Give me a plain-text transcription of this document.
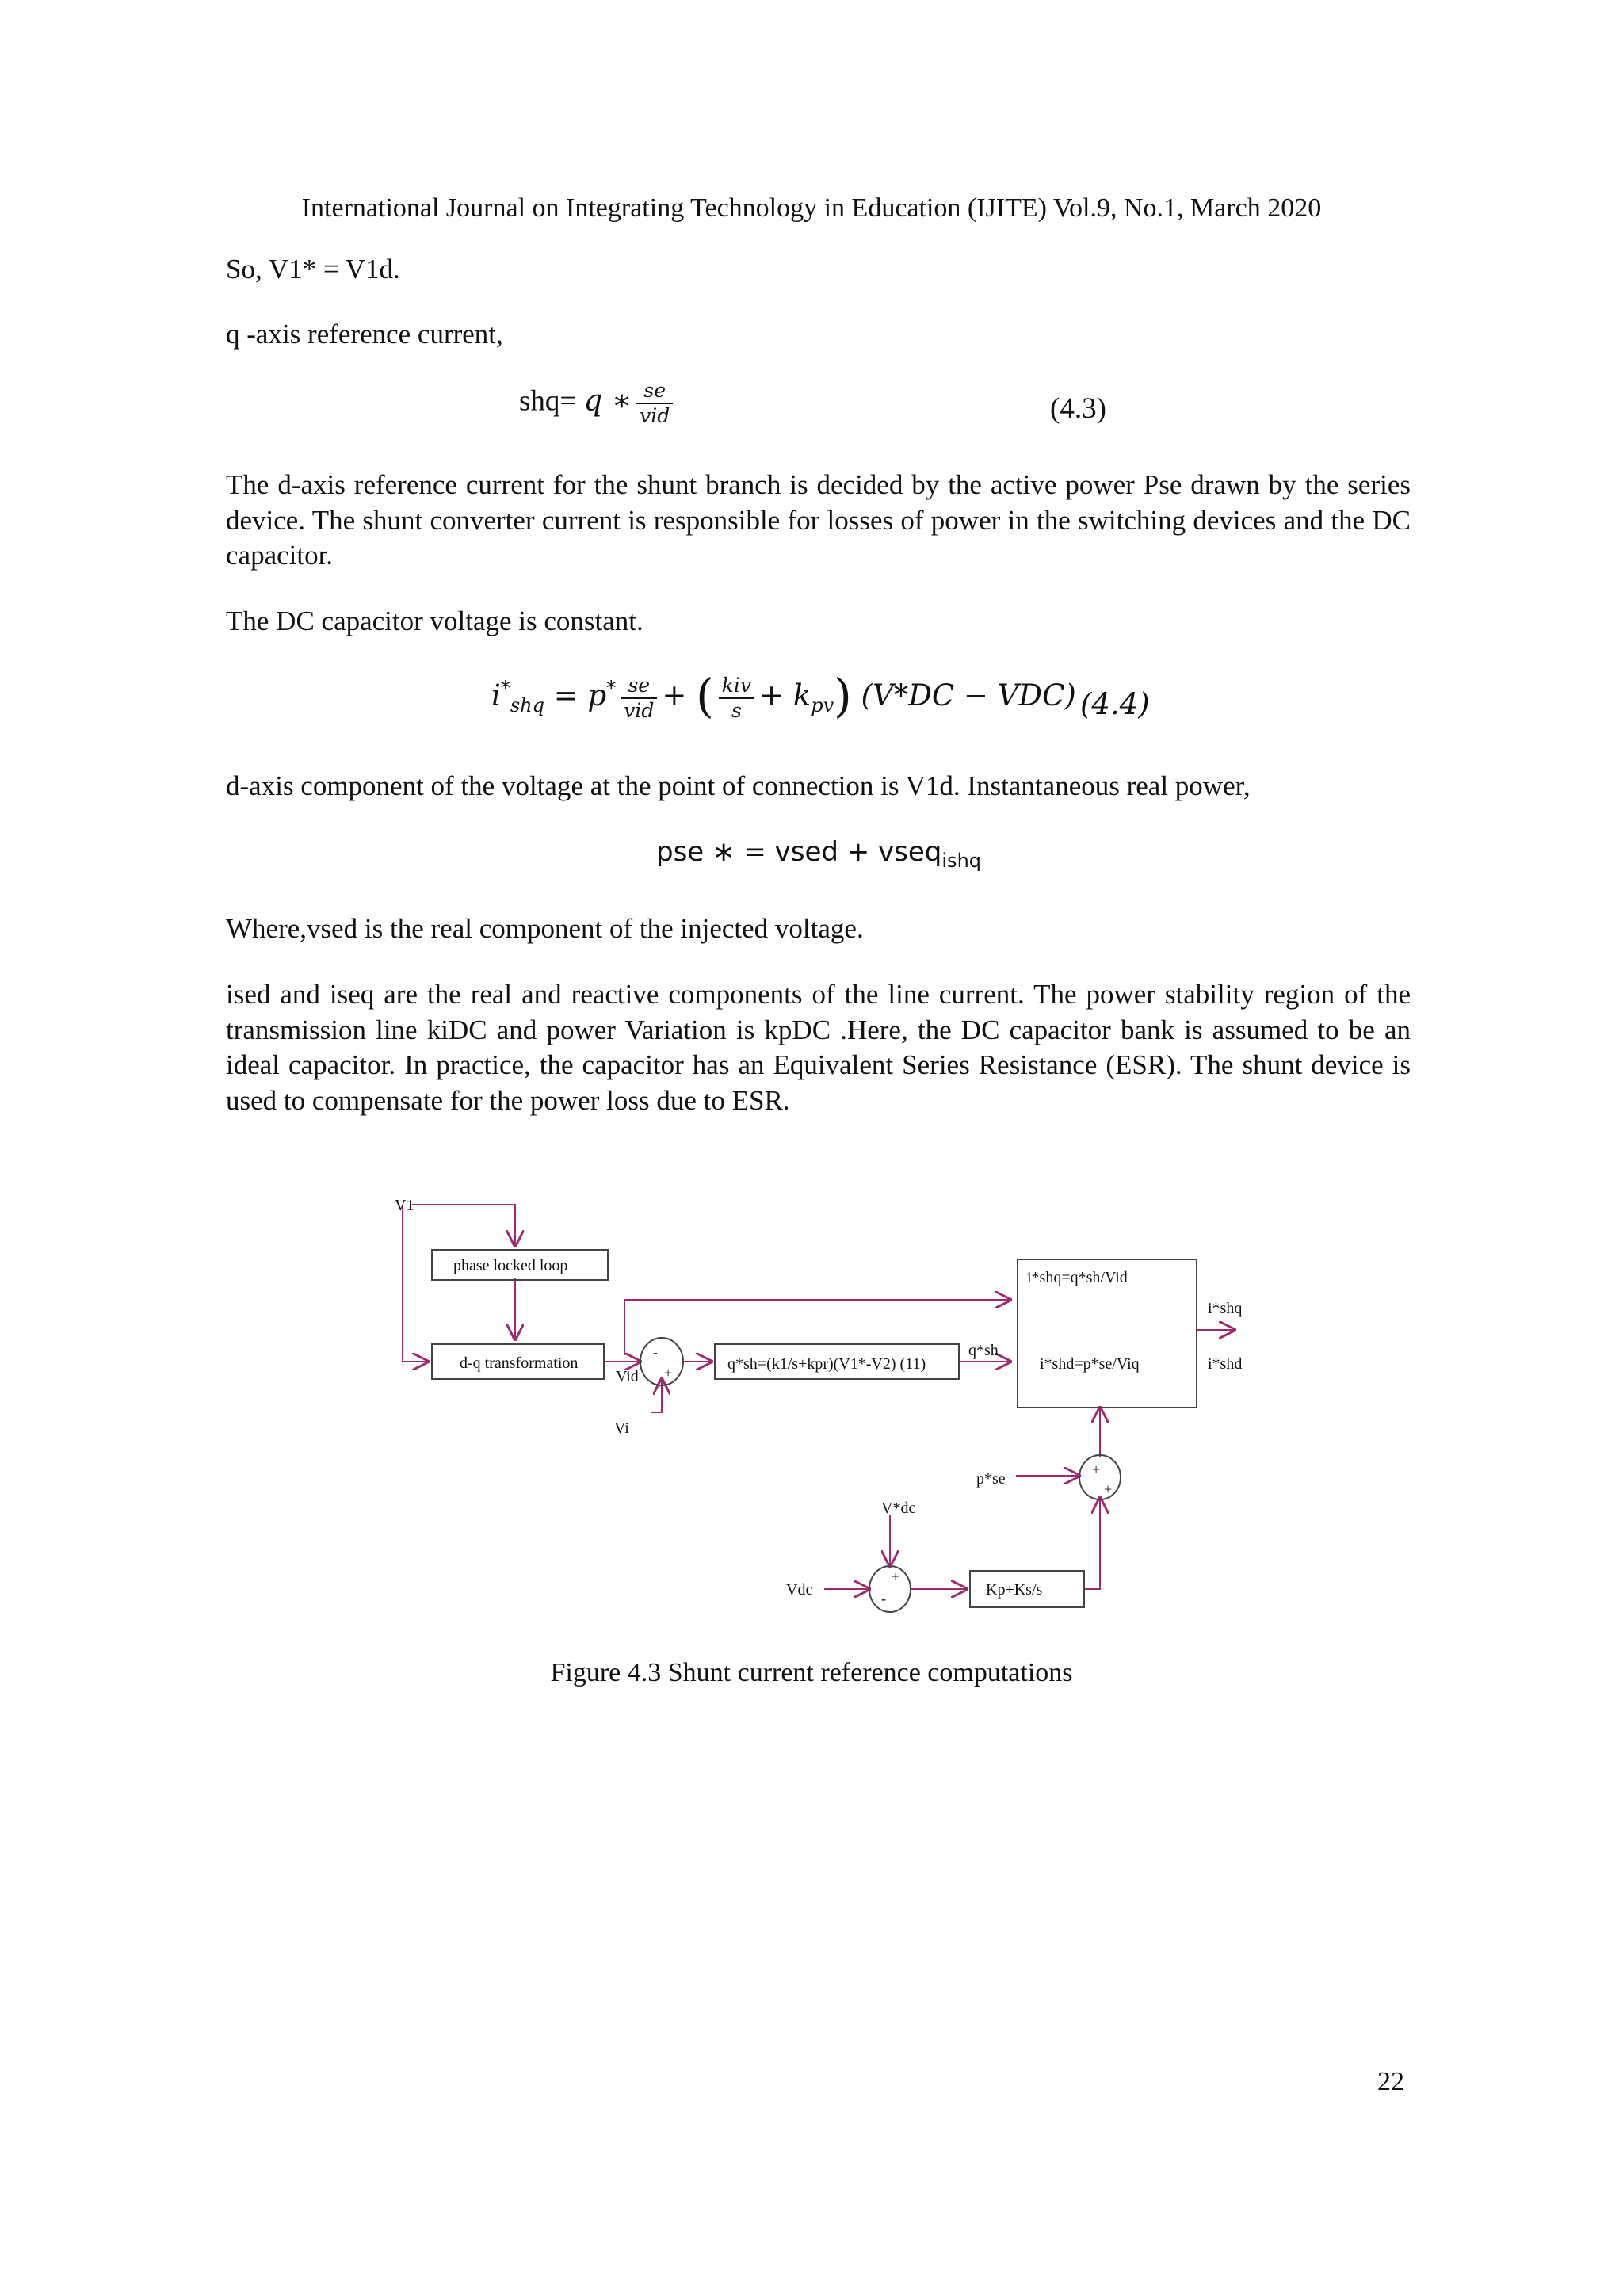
International Journal on Integrating Technology in Education (IJITE) Vol.9, No.1, March 2020
So, V1* = V1d.
q -axis reference current,
shq= q ∗ $\frac{se}{\text{vid}}$	(4.3)
The d-axis reference current for the shunt branch is decided by the active power Pse drawn by the series device. The shunt converter current is responsible for losses of power in the switching devices and the DC capacitor.
The DC capacitor voltage is constant.
$i^*_{shq} = p^* \frac{se}{\text{vid}}$ + ( $\frac{\text{kiv}}{s} + k_{pv}$) (V*DC − VDC) (4.4)
d-axis component of the voltage at the point of connection is V1d. Instantaneous real power,
pse ∗ = vsed + vseq$_{ishq}$
Where,vsed is the real component of the injected voltage.
ised and iseq are the real and reactive components of the line current. The power stability region of the transmission line kiDC and power Variation is kpDC .Here, the DC capacitor bank is assumed to be an ideal capacitor. In practice, the capacitor has an Equivalent Series Resistance (ESR). The shunt device is used to compensate for the power loss due to ESR.
V1
phase locked loop
d-q transformation
Vid
Vi
-
+	q*sh=(k1/s+kpr)(V1*-V2) (11)
q*sh
i*shq=q*sh/Vid
i*shd=p*se/Viq
i*shq
i*shd
p*se
+
+
V*dc
Vdc
+
-	Kp+Ks/s
Figure 4.3 Shunt current reference computations
22
